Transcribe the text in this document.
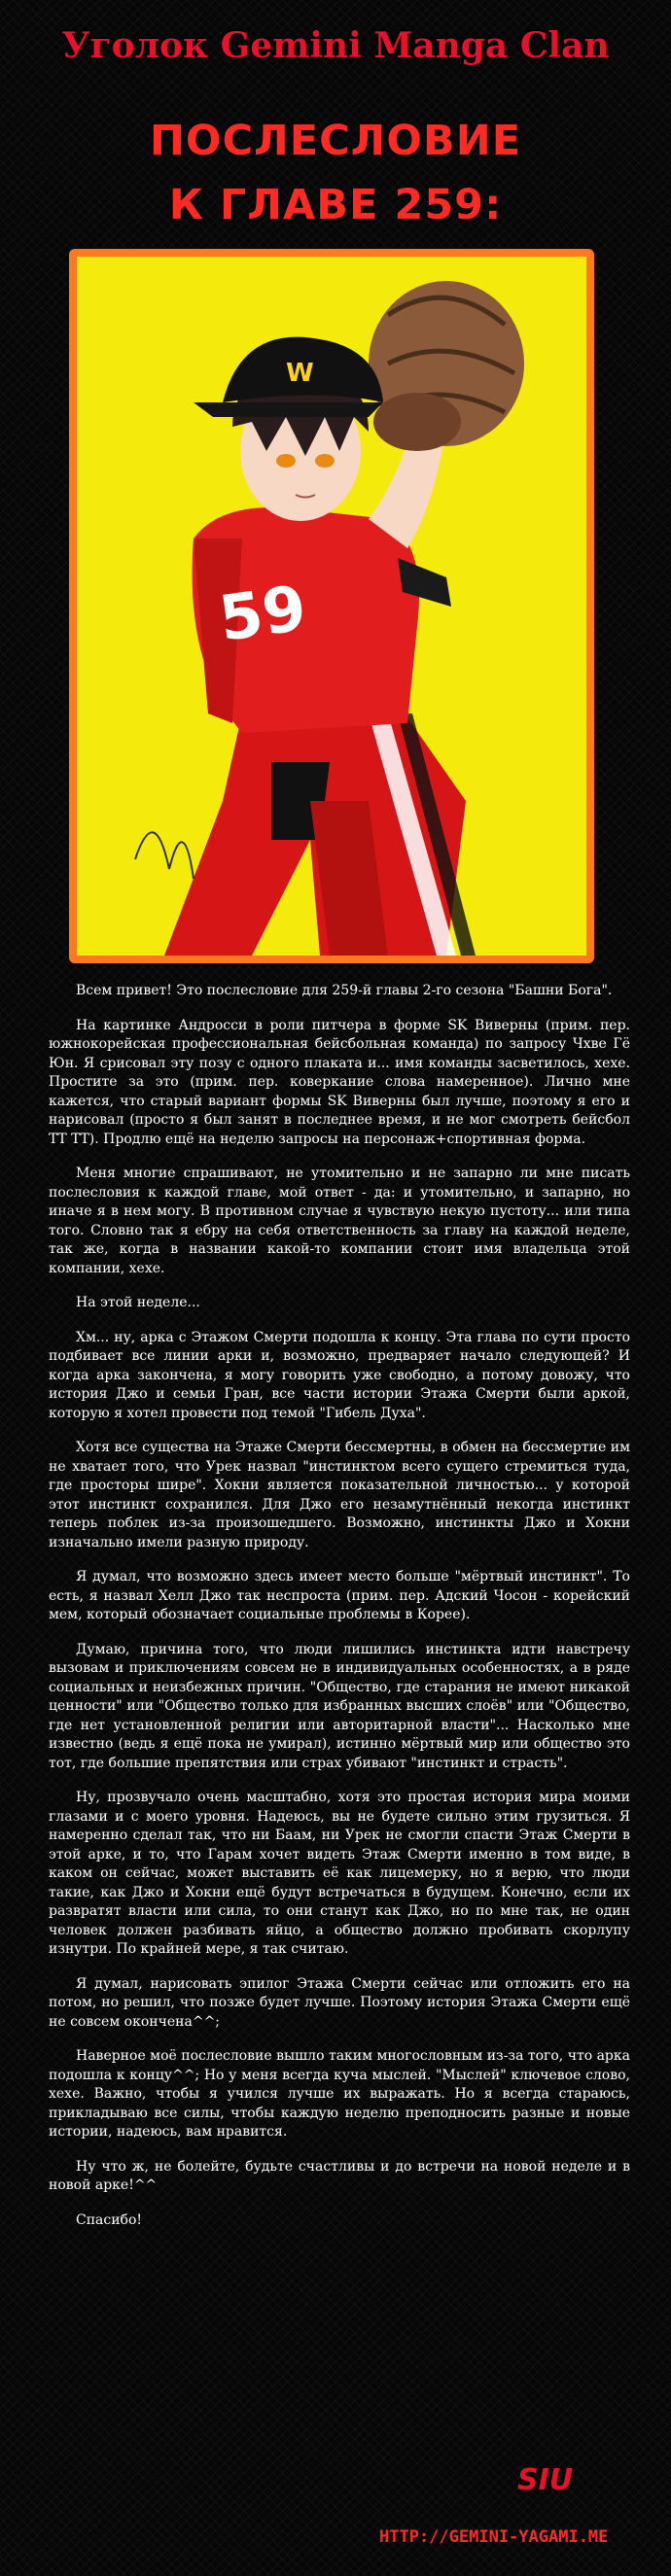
Уголок Gemini Manga Clan
ПОСЛЕСЛОВИЕ
К ГЛАВЕ 259:
59
W

Всем привет! Это послесловие для 259-й главы 2-го сезона "Башни Бога".

На картинке Андросси в роли питчера в форме SK Виверны (прим. пер. южнокорейская профессиональная бейсбольная команда) по запросу Чхве Гё Юн. Я срисовал эту позу с одного плаката и... имя команды засветилось, хехе. Простите за это (прим. пер. коверкание слова намеренное). Лично мне кажется, что старый вариант формы SK Виверны был лучше, поэтому я его и нарисовал (просто я был занят в последнее время, и не мог смотреть бейсбол ТТ ТТ). Продлю ещё на неделю запросы на персонаж+спортивная форма.

Меня многие спрашивают, не утомительно и не запарно ли мне писать послесловия к каждой главе, мой ответ - да: и утомительно, и запарно, но иначе я в нем могу. В противном случае я чувствую некую пустоту... или типа того. Словно так я ебру на себя ответственность за главу на каждой неделе, так же, когда в названии какой-то компании стоит имя владельца этой компании, хехе.

На этой неделе...

Хм... ну, арка с Этажом Смерти подошла к концу. Эта глава по сути просто подбивает все линии арки и, возможно, предваряет начало следующей? И когда арка закончена, я могу говорить уже свободно, а потому довожу, что история Джо и семьи Гран, все части истории Этажа Смерти были аркой, которую я хотел провести под темой "Гибель Духа".

Хотя все существа на Этаже Смерти бессмертны, в обмен на бессмертие им не хватает того, что Урек назвал "инстинктом всего сущего стремиться туда, где просторы шире". Хокни является показательной личностью... у которой этот инстинкт сохранился. Для Джо его незамутнённый некогда инстинкт теперь поблек из-за произошедшего. Возможно, инстинкты Джо и Хокни изначально имели разную природу.

Я думал, что возможно здесь имеет место больше "мёртвый инстинкт". То есть, я назвал Хелл Джо так неспроста (прим. пер. Адский Чосон - корейский мем, который обозначает социальные проблемы в Корее).

Думаю, причина того, что люди лишились инстинкта идти навстречу вызовам и приключениям совсем не в индивидуальных особенностях, а в ряде социальных и неизбежных причин. "Общество, где старания не имеют никакой ценности" или "Общество только для избранных высших слоёв" или "Общество, где нет установленной религии или авторитарной власти"... Насколько мне известно (ведь я ещё пока не умирал), истинно мёртвый мир или общество это тот, где большие препятствия или страх убивают "инстинкт и страсть".

Ну, прозвучало очень масштабно, хотя это простая история мира моими глазами и с моего уровня. Надеюсь, вы не будете сильно этим грузиться. Я намеренно сделал так, что ни Баам, ни Урек не смогли спасти Этаж Смерти в этой арке, и то, что Гарам хочет видеть Этаж Смерти именно в том виде, в каком он сейчас, может выставить её как лицемерку, но я верю, что люди такие, как Джо и Хокни ещё будут встречаться в будущем. Конечно, если их развратят власти или сила, то они станут как Джо, но по мне так, не один человек должен разбивать яйцо, а общество должно пробивать скорлупу изнутри. По крайней мере, я так считаю.

Я думал, нарисовать эпилог Этажа Смерти сейчас или отложить его на потом, но решил, что позже будет лучше. Поэтому история Этажа Смерти ещё не совсем окончена^^;

Наверное моё послесловие вышло таким многословным из-за того, что арка подошла к концу^^; Но у меня всегда куча мыслей. "Мыслей" ключевое слово, хехе. Важно, чтобы я учился лучше их выражать. Но я всегда стараюсь, прикладываю все силы, чтобы каждую неделю преподносить разные и новые истории, надеюсь, вам нравится.

Ну что ж, не болейте, будьте счастливы и до встречи на новой неделе и в новой арке!^^

Спасибо!

SIU
HTTP://GEMINI-YAGAMI.ME
